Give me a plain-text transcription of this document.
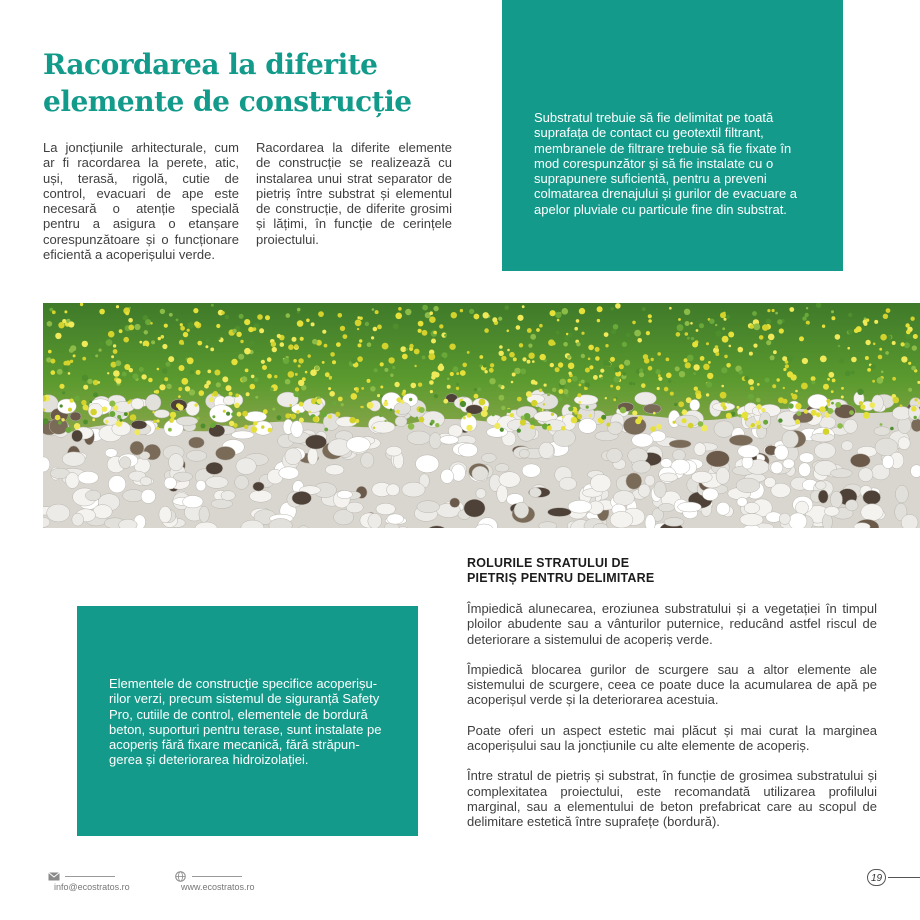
Racordarea la diferite
elemente de construcție

La joncțiunile arhitecturale, cum ar fi racordarea la perete, atic, uși, terasă, rigolă, cutie de control, evacuari de ape este necesară o atenție specială pentru a asigura o etanșare corespunzătoare și o funcționare eficientă a acoperișului verde.

Racordarea la diferite elemente de construcție se realizează cu instalarea unui strat separator de pietriș între substrat și elementul de construcție, de diferite grosimi și lățimi, în funcție de cerințele proiectului.

Substratul trebuie să fie delimitat pe toată suprafața de contact cu geotextil filtrant, membranele de filtrare trebuie să fie fixate în mod corespunzător și să fie instalate cu o suprapunere suficientă, pentru a preveni colmatarea drenajului și gurilor de evacuare a apelor pluviale cu particule fine din substrat.

Elementele de construcție specifice acoperișu-rilor verzi, precum sistemul de siguranță Safety Pro, cutiile de control, elementele de bordură beton, suporturi pentru terase, sunt instalate pe acoperiș fără fixare mecanică, fără străpun-gerea și deteriorarea hidroizolației.

ROLURILE STRATULUI DE
PIETRIȘ PENTRU DELIMITARE

Împiedică alunecarea, eroziunea substratului și a vegetației în timpul ploilor abudente sau a vânturilor puternice, reducând astfel riscul de deteriorare a sistemului de acoperiș verde.

Împiedică blocarea gurilor de scurgere sau a altor elemente ale sistemului de scurgere, ceea ce poate duce la acumularea de apă pe acoperișul verde și la deteriorarea acestuia.

Poate oferi un aspect estetic mai plăcut și mai curat la marginea acoperișului sau la joncțiunile cu alte elemente de acoperiș.

Între stratul de pietriș și substrat, în funcție de grosimea substratului și complexitatea proiectului, este recomandată utilizarea profilului marginal, sau a elementului de beton prefabricat care au scopul de delimitare estetică între suprafețe (bordură).

info@ecostratos.ro	www.ecostratos.ro
19
